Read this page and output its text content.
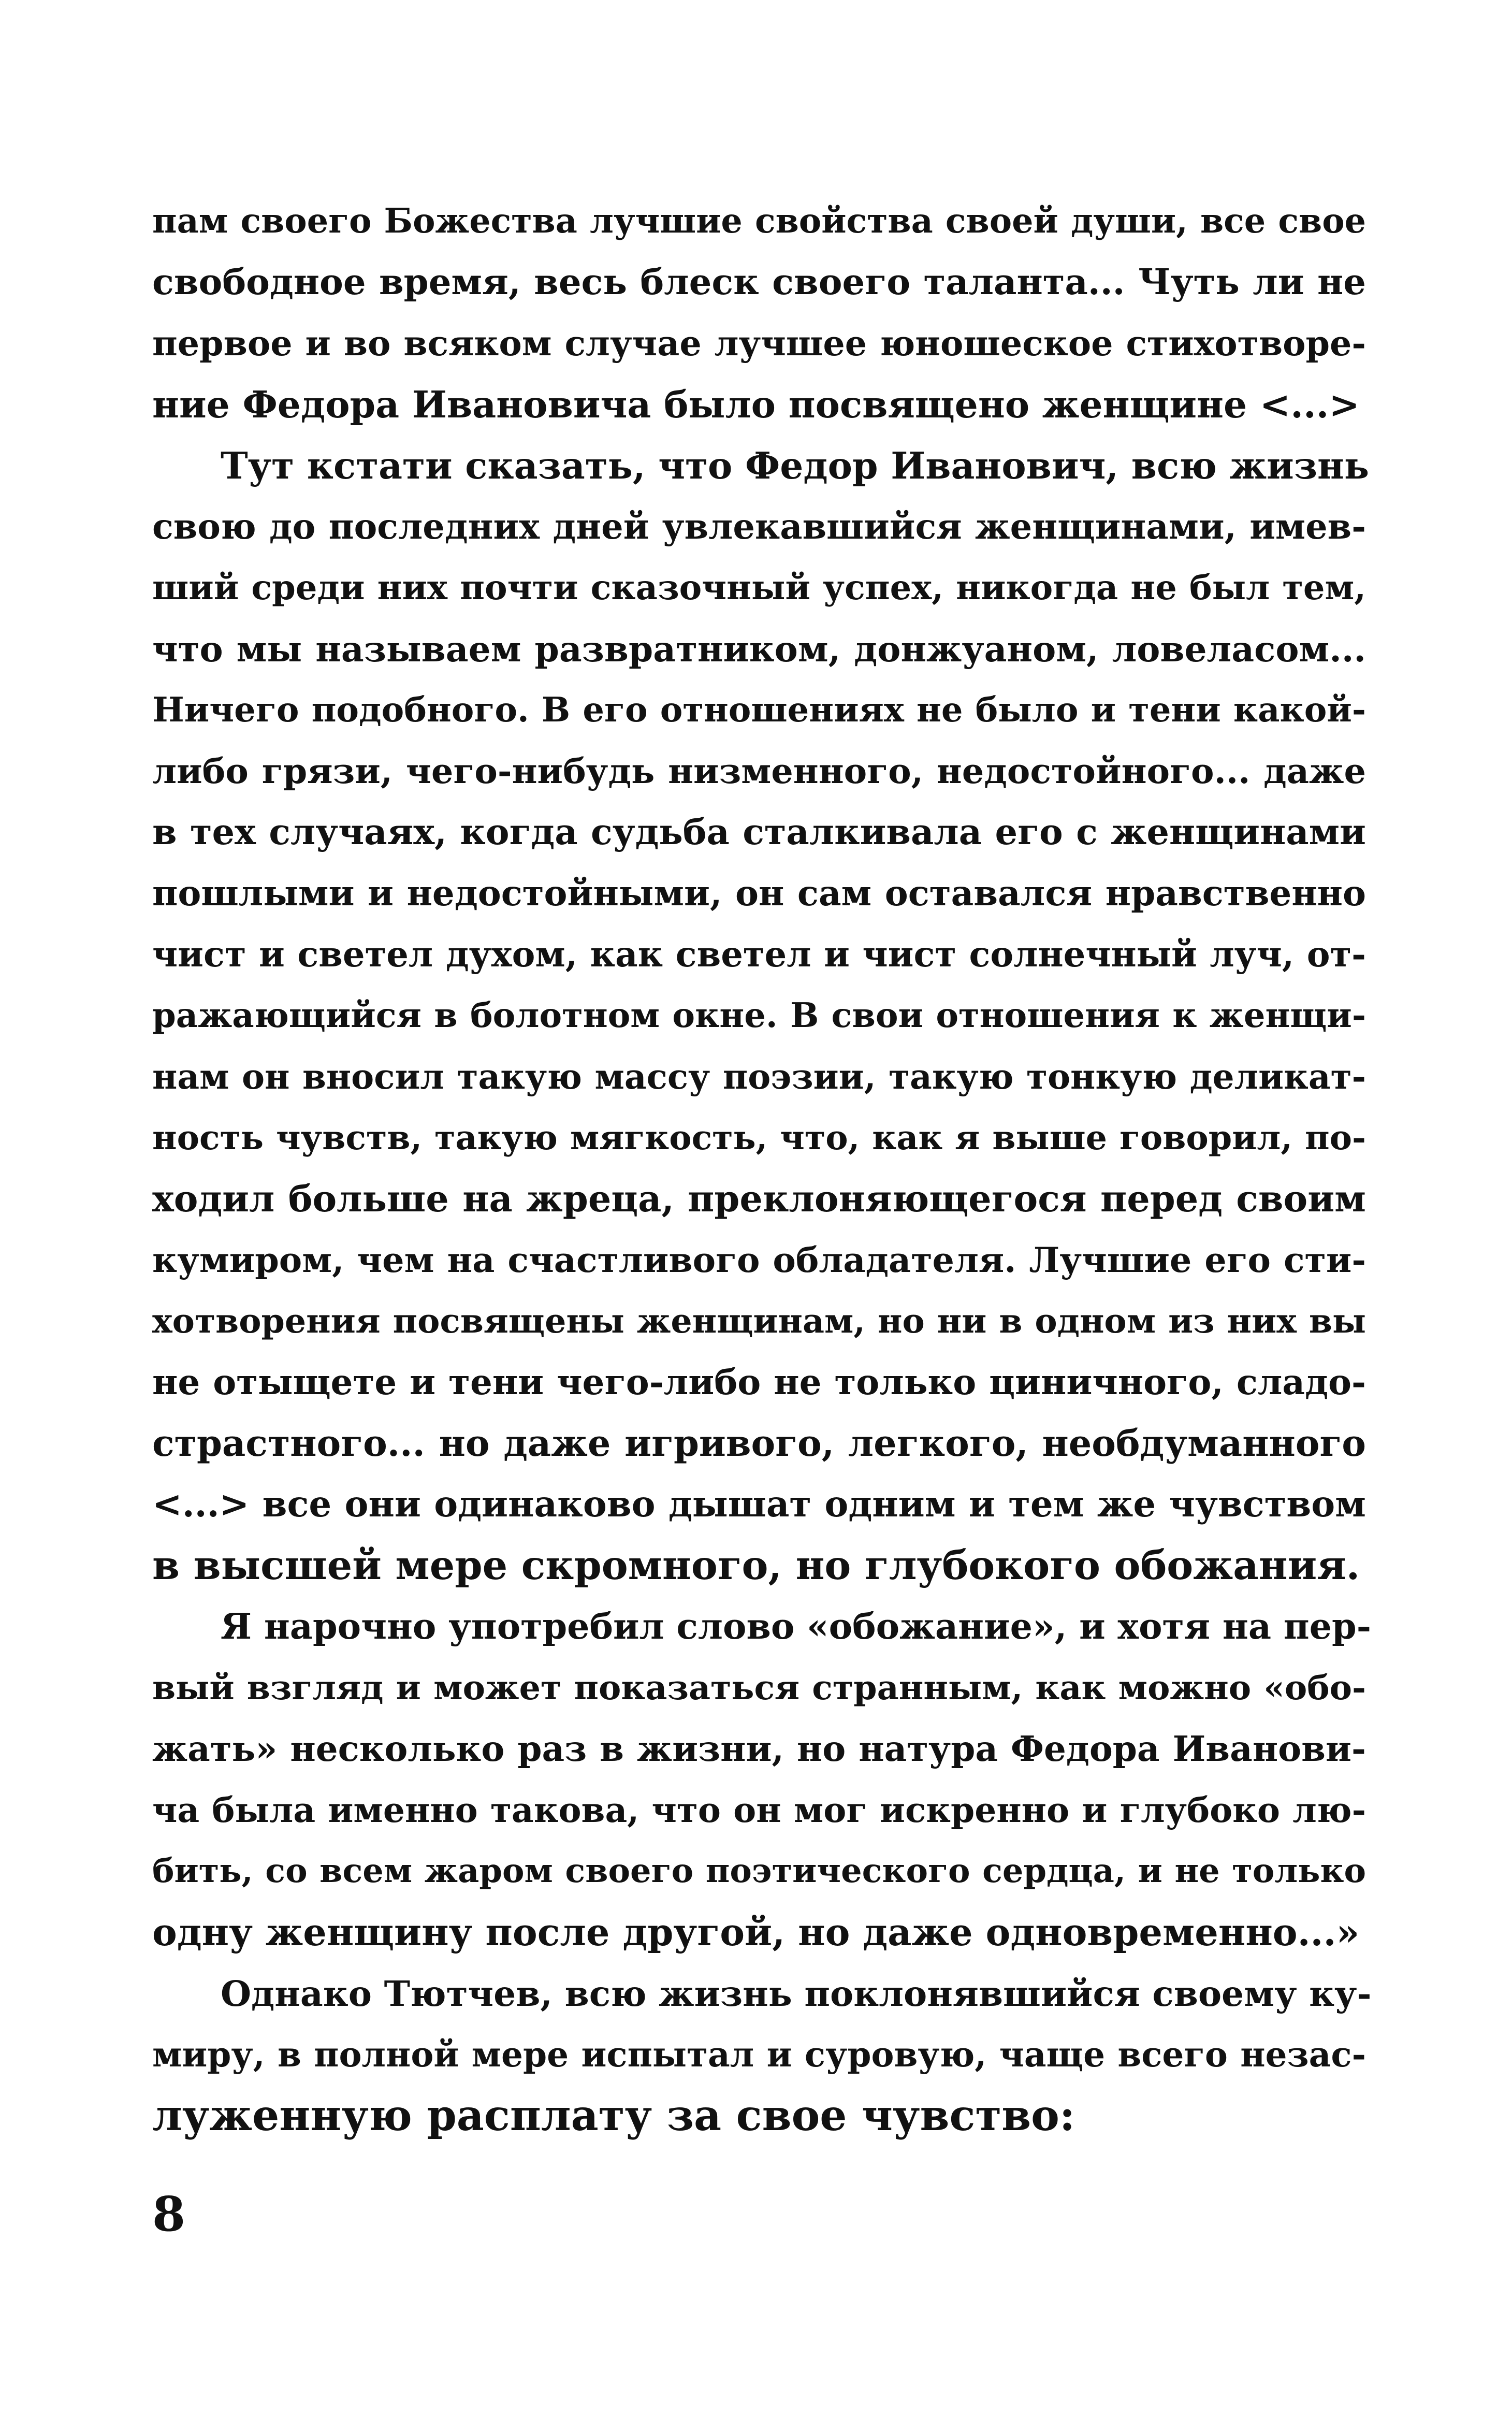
пам своего Божества лучшие свойства своей души, все свое
свободное время, весь блеск своего таланта... Чуть ли не
первое и во всяком случае лучшее юношеское стихотворе-
ние Федора Ивановича было посвящено женщине <...>
Тут кстати сказать, что Федор Иванович, всю жизнь
свою до последних дней увлекавшийся женщинами, имев-
ший среди них почти сказочный успех, никогда не был тем,
что мы называем развратником, донжуаном, ловеласом...
Ничего подобного. В его отношениях не было и тени какой-
либо грязи, чего-нибудь низменного, недостойного... даже
в тех случаях, когда судьба сталкивала его с женщинами
пошлыми и недостойными, он сам оставался нравственно
чист и светел духом, как светел и чист солнечный луч, от-
ражающийся в болотном окне. В свои отношения к женщи-
нам он вносил такую массу поэзии, такую тонкую деликат-
ность чувств, такую мягкость, что, как я выше говорил, по-
ходил больше на жреца, преклоняющегося перед своим
кумиром, чем на счастливого обладателя. Лучшие его сти-
хотворения посвящены женщинам, но ни в одном из них вы
не отыщете и тени чего-либо не только циничного, сладо-
страстного... но даже игривого, легкого, необдуманного
<...> все они одинаково дышат одним и тем же чувством
в высшей мере скромного, но глубокого обожания.
Я нарочно употребил слово «обожание», и хотя на пер-
вый взгляд и может показаться странным, как можно «обо-
жать» несколько раз в жизни, но натура Федора Иванови-
ча была именно такова, что он мог искренно и глубоко лю-
бить, со всем жаром своего поэтического сердца, и не только
одну женщину после другой, но даже одновременно...»
Однако Тютчев, всю жизнь поклонявшийся своему ку-
миру, в полной мере испытал и суровую, чаще всего незас-
луженную расплату за свое чувство:
8
